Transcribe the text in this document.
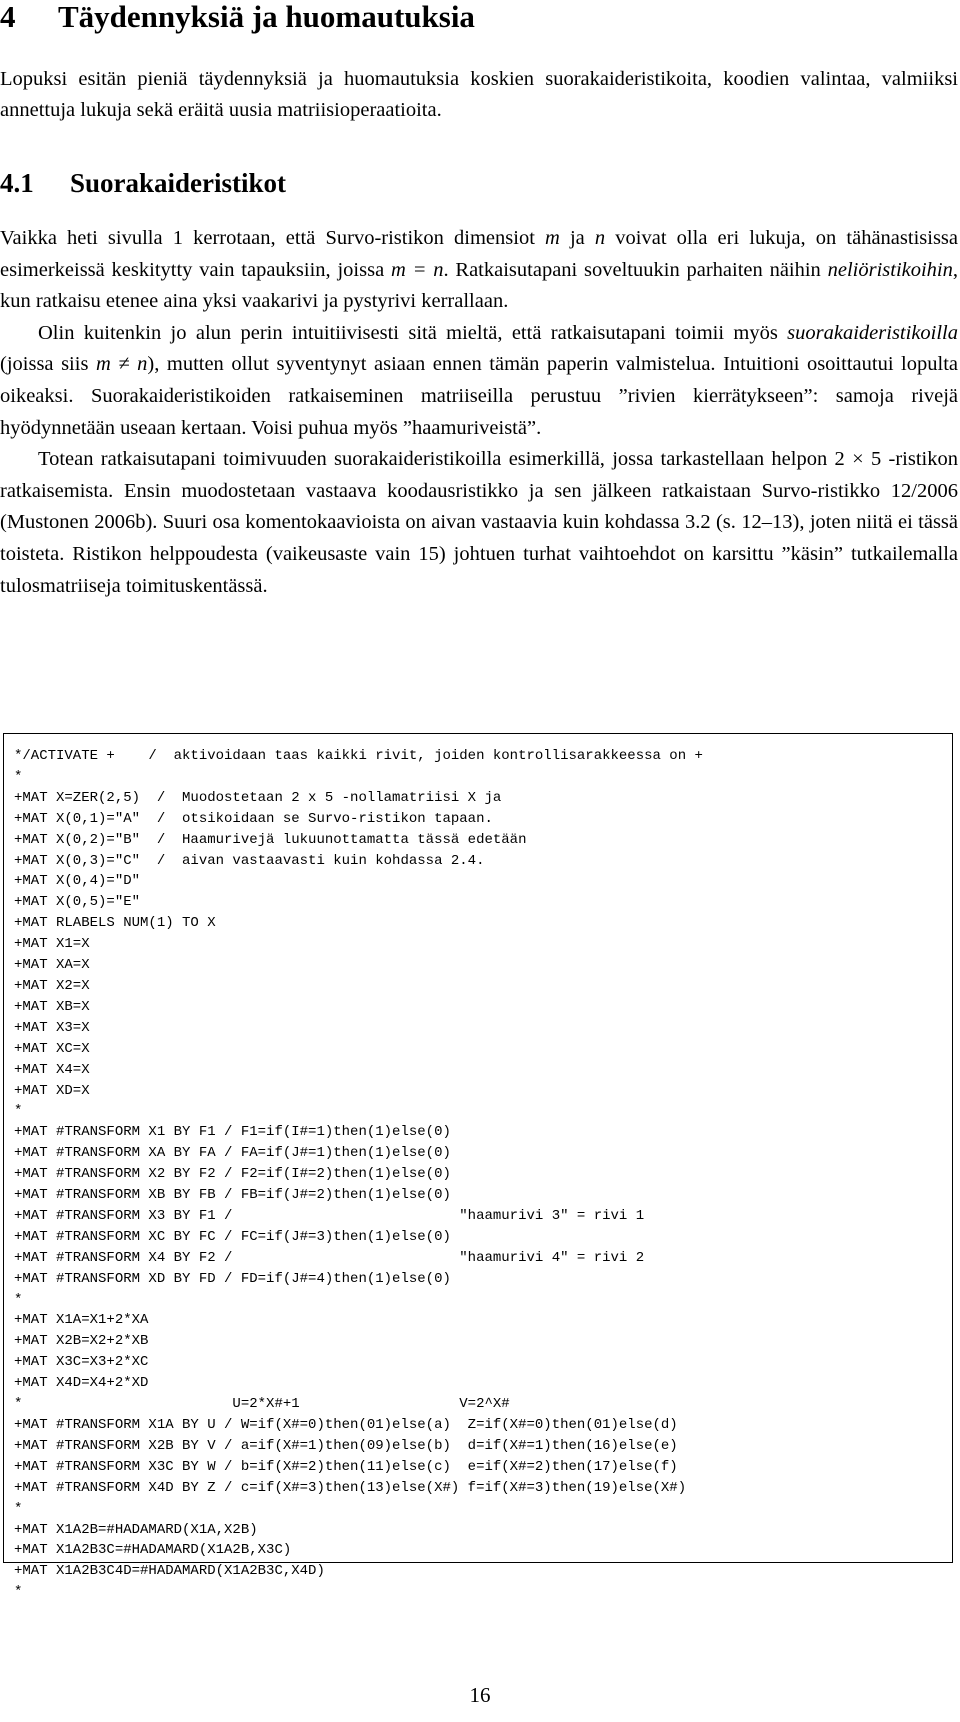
4 Täydennyksiä ja huomautuksia

Lopuksi esitän pieniä täydennyksiä ja huomautuksia koskien suorakaideristikoita, koodien valintaa, valmiiksi annettuja lukuja sekä eräitä uusia matriisioperaatioita.

4.1 Suorakaideristikot

Vaikka heti sivulla 1 kerrotaan, että Survo-ristikon dimensiot m ja n voivat olla eri lukuja, on tähänastisissa esimerkeissä keskitytty vain tapauksiin, joissa m = n. Ratkaisutapani soveltuukin parhaiten näihin neliöristikoihin, kun ratkaisu etenee aina yksi vaakarivi ja pystyrivi kerrallaan.

Olin kuitenkin jo alun perin intuitiivisesti sitä mieltä, että ratkaisutapani toimii myös suorakaideristikoilla (joissa siis m ≠ n), mutten ollut syventynyt asiaan ennen tämän paperin valmistelua. Intuitioni osoittautui lopulta oikeaksi. Suorakaideristikoiden ratkaiseminen matriiseilla perustuu ”rivien kierrätykseen”: samoja rivejä hyödynnetään useaan kertaan. Voisi puhua myös ”haamuriveistä”.

Totean ratkaisutapani toimivuuden suorakaideristikoilla esimerkillä, jossa tarkastellaan helpon 2 × 5 -ristikon ratkaisemista. Ensin muodostetaan vastaava koodausristikko ja sen jälkeen ratkaistaan Survo-ristikko 12/2006 (Mustonen 2006b). Suuri osa komentokaavioista on aivan vastaavia kuin kohdassa 3.2 (s. 12–13), joten niitä ei tässä toisteta. Ristikon helppoudesta (vaikeusaste vain 15) johtuen turhat vaihtoehdot on karsittu ”käsin” tutkailemalla tulosmatriiseja toimituskentässä.

*/ACTIVATE +    /  aktivoidaan taas kaikki rivit, joiden kontrollisarakkeessa on +
*
+MAT X=ZER(2,5)  /  Muodostetaan 2 x 5 -nollamatriisi X ja
+MAT X(0,1)="A"  /  otsikoidaan se Survo-ristikon tapaan.
+MAT X(0,2)="B"  /  Haamurivejä lukuunottamatta tässä edetään
+MAT X(0,3)="C"  /  aivan vastaavasti kuin kohdassa 2.4.
+MAT X(0,4)="D"
+MAT X(0,5)="E"
+MAT RLABELS NUM(1) TO X
+MAT X1=X
+MAT XA=X
+MAT X2=X
+MAT XB=X
+MAT X3=X
+MAT XC=X
+MAT X4=X
+MAT XD=X
*
+MAT #TRANSFORM X1 BY F1 / F1=if(I#=1)then(1)else(0)
+MAT #TRANSFORM XA BY FA / FA=if(J#=1)then(1)else(0)
+MAT #TRANSFORM X2 BY F2 / F2=if(I#=2)then(1)else(0)
+MAT #TRANSFORM XB BY FB / FB=if(J#=2)then(1)else(0)
+MAT #TRANSFORM X3 BY F1 /                           "haamurivi 3" = rivi 1
+MAT #TRANSFORM XC BY FC / FC=if(J#=3)then(1)else(0)
+MAT #TRANSFORM X4 BY F2 /                           "haamurivi 4" = rivi 2
+MAT #TRANSFORM XD BY FD / FD=if(J#=4)then(1)else(0)
*
+MAT X1A=X1+2*XA
+MAT X2B=X2+2*XB
+MAT X3C=X3+2*XC
+MAT X4D=X4+2*XD
*                         U=2*X#+1                   V=2^X#
+MAT #TRANSFORM X1A BY U / W=if(X#=0)then(01)else(a)  Z=if(X#=0)then(01)else(d)
+MAT #TRANSFORM X2B BY V / a=if(X#=1)then(09)else(b)  d=if(X#=1)then(16)else(e)
+MAT #TRANSFORM X3C BY W / b=if(X#=2)then(11)else(c)  e=if(X#=2)then(17)else(f)
+MAT #TRANSFORM X4D BY Z / c=if(X#=3)then(13)else(X#) f=if(X#=3)then(19)else(X#)
*
+MAT X1A2B=#HADAMARD(X1A,X2B)
+MAT X1A2B3C=#HADAMARD(X1A2B,X3C)
+MAT X1A2B3C4D=#HADAMARD(X1A2B3C,X4D)
*
16
